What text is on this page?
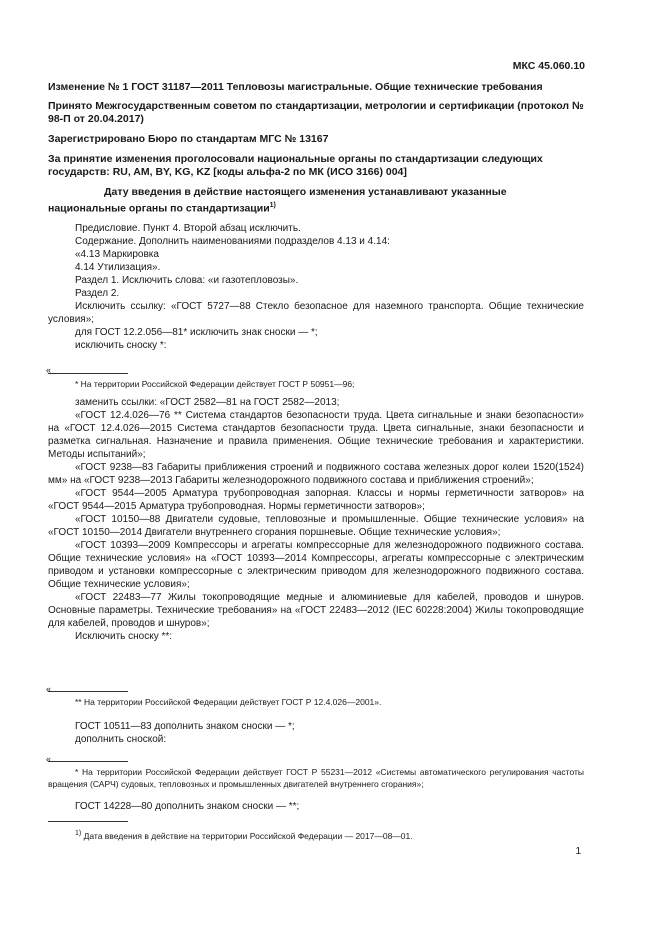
МКС 45.060.10
Изменение № 1 ГОСТ 31187—2011 Тепловозы магистральные. Общие технические требования
Принято Межгосударственным советом по стандартизации, метрологии и сертификации (протокол № 98-П от 20.04.2017)
Зарегистрировано Бюро по стандартам МГС № 13167
За принятие изменения проголосовали национальные органы по стандартизации следующих государств: RU, AM, BY, KG, KZ [коды альфа-2 по МК (ИСО 3166) 004]
Дату введения в действие настоящего изменения устанавливают указанные национальные органы по стандартизации$^{1)}$

Предисловие. Пункт 4. Второй абзац исключить.

Содержание. Дополнить наименованиями подразделов 4.13 и 4.14:

«4.13 Маркировка

4.14 Утилизация».

Раздел 1. Исключить слова: «и газотепловозы».

Раздел 2.

Исключить ссылку: «ГОСТ 5727—88 Стекло безопасное для наземного транспорта. Общие технические условия»;

для ГОСТ 12.2.056—81* исключить знак сноски — *;

исключить сноску *:

«
* На территории Российской Федерации действует ГОСТ Р 50951—96;

заменить ссылки: «ГОСТ 2582—81 на ГОСТ 2582—2013;

«ГОСТ 12.4.026—76 ** Система стандартов безопасности труда. Цвета сигнальные и знаки безопасности» на «ГОСТ 12.4.026—2015 Система стандартов безопасности труда. Цвета сигнальные, знаки безопасности и разметка сигнальная. Назначение и правила применения. Общие технические требования и характеристики. Методы испытаний»;

«ГОСТ 9238—83 Габариты приближения строений и подвижного состава железных дорог колеи 1520(1524) мм» на «ГОСТ 9238—2013 Габариты железнодорожного подвижного состава и приближения строений»;

«ГОСТ 9544—2005 Арматура трубопроводная запорная. Классы и нормы герметичности затворов» на «ГОСТ 9544—2015 Арматура трубопроводная. Нормы герметичности затворов»;

«ГОСТ 10150—88 Двигатели судовые, тепловозные и промышленные. Общие технические условия» на «ГОСТ 10150—2014 Двигатели внутреннего сгорания поршневые. Общие технические условия»;

«ГОСТ 10393—2009 Компрессоры и агрегаты компрессорные для железнодорожного подвижного состава. Общие технические условия» на «ГОСТ 10393—2014 Компрессоры, агрегаты компрессорные с электрическим приводом и установки компрессорные с электрическим приводом для железнодорожного подвижного состава. Общие технические условия»;

«ГОСТ 22483—77 Жилы токопроводящие медные и алюминиевые для кабелей, проводов и шнуров. Основные параметры. Технические требования» на «ГОСТ 22483—2012 (IEC 60228:2004) Жилы токопроводящие для кабелей, проводов и шнуров»;

Исключить сноску **:

«
** На территории Российской Федерации действует ГОСТ Р 12.4.026—2001».

ГОСТ 10511—83 дополнить знаком сноски — *;

дополнить сноской:

«
* На территории Российской Федерации действует ГОСТ Р 55231—2012 «Системы автоматического регулирования частоты вращения (САРЧ) судовых, тепловозных и промышленных двигателей внутреннего сгорания»;

ГОСТ 14228—80 дополнить знаком сноски — **;

$^{1)}$ Дата введения в действие на территории Российской Федерации — 2017—08—01.
1
